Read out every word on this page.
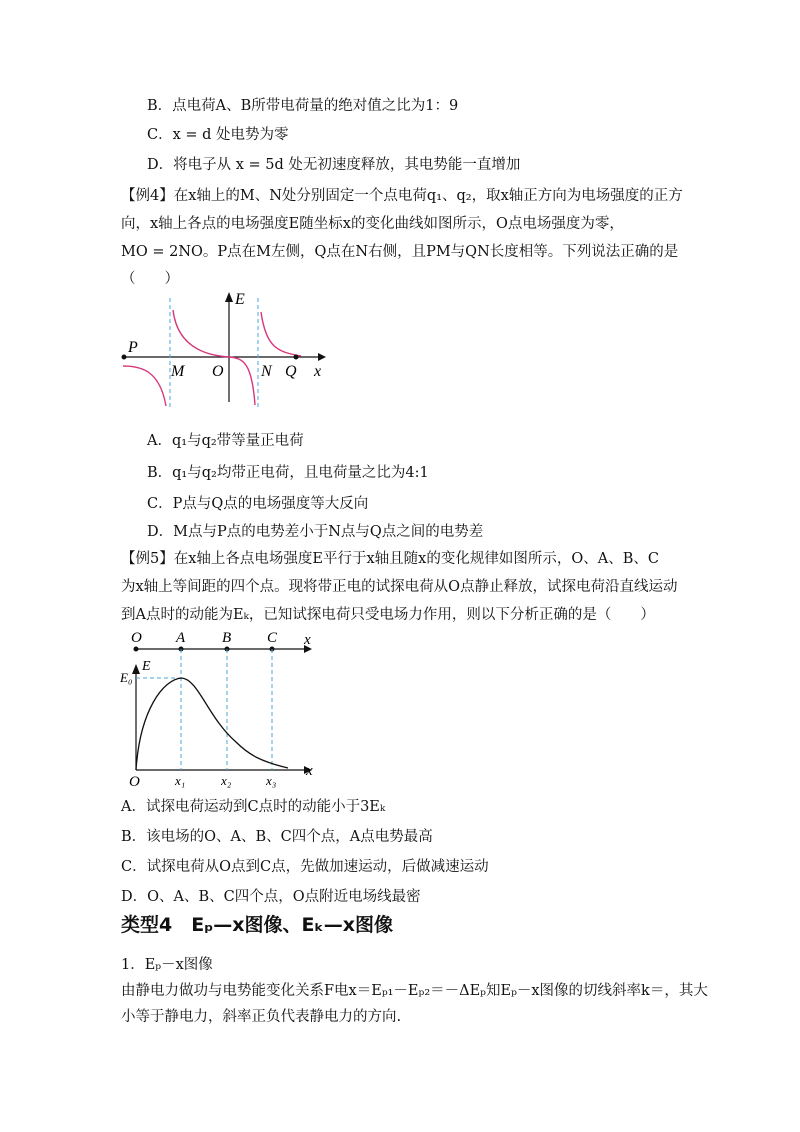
B．点电荷A、B所带电荷量的绝对值之比为1：9
C．x = d 处电势为零
D．将电子从 x = 5d 处无初速度释放，其电势能一直增加
【例4】在x轴上的M、N处分别固定一个点电荷q₁、q₂，取x轴正方向为电场强度的正方
向，x轴上各点的电场强度E随坐标x的变化曲线如图所示，O点电场强度为零，
MO = 2NO。P点在M左侧，Q点在N右侧，且PM与QN长度相等。下列说法正确的是
（　　）
E
P
M O N Q x
A．q₁与q₂带等量正电荷
B．q₁与q₂均带正电荷，且电荷量之比为4:1
C．P点与Q点的电场强度等大反向
D．M点与P点的电势差小于N点与Q点之间的电势差
【例5】在x轴上各点电场强度E平行于x轴且随x的变化规律如图所示，O、A、B、C
为x轴上等间距的四个点。现将带正电的试探电荷从O点静止释放，试探电荷沿直线运动
到A点时的动能为Eₖ，已知试探电荷只受电场力作用，则以下分析正确的是（　　）
O A B C x
E
E₀
O	x₁	x₂	x₃
x
A．试探电荷运动到C点时的动能小于3Eₖ
B．该电场的O、A、B、C四个点，A点电势最高
C．试探电荷从O点到C点，先做加速运动，后做减速运动
D．O、A、B、C四个点，O点附近电场线最密
类型4　Eₚ—x图像、Eₖ—x图像
1．Eₚ－x图像
由静电力做功与电势能变化关系F电x＝Eₚ₁－Eₚ₂＝－ΔEₚ知Eₚ－x图像的切线斜率k＝，其大
小等于静电力，斜率正负代表静电力的方向.
